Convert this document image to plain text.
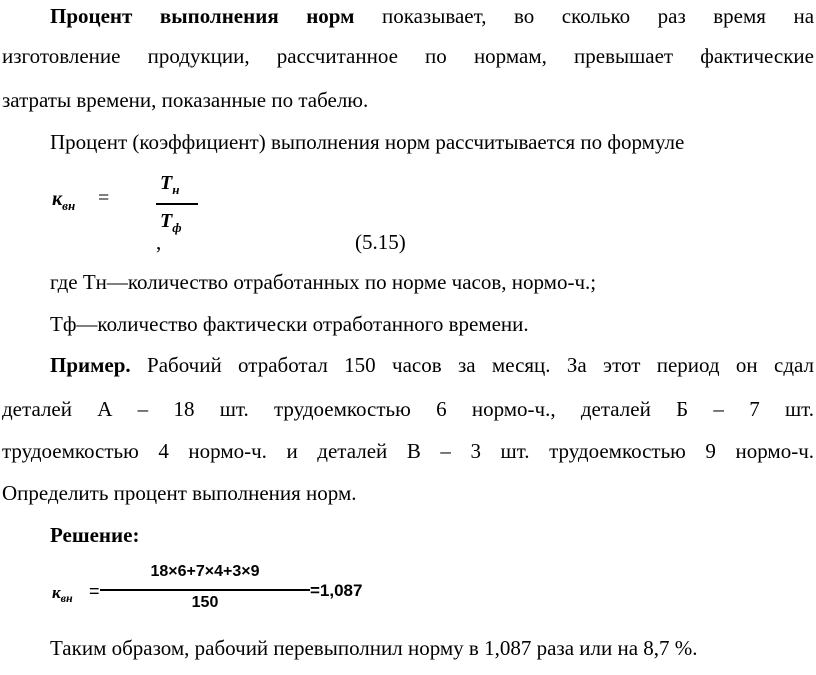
Процент выполнения норм показывает, во сколько раз время на
изготовление продукции, рассчитанное по нормам, превышает фактические
затраты времени, показанные по табелю.
Процент (коэффициент) выполнения норм рассчитывается по формуле
$к_{вн}$ =
$Т_н$
$Т_ф$
,	(5.15)
где Тн—количество отработанных по норме часов, нормо-ч.;
Тф—количество фактически отработанного времени.
Пример. Рабочий отработал 150 часов за месяц. За этот период он сдал
деталей А – 18 шт. трудоемкостью 6 нормо-ч., деталей Б – 7 шт.
трудоемкостью 4 нормо-ч. и деталей В – 3 шт. трудоемкостью 9 нормо-ч.
Определить процент выполнения норм.
Решение:
$к_{вн}$ =
18×6+7×4+3×9
150
=1,087
Таким образом, рабочий перевыполнил норму в 1,087 раза или на 8,7 %.
